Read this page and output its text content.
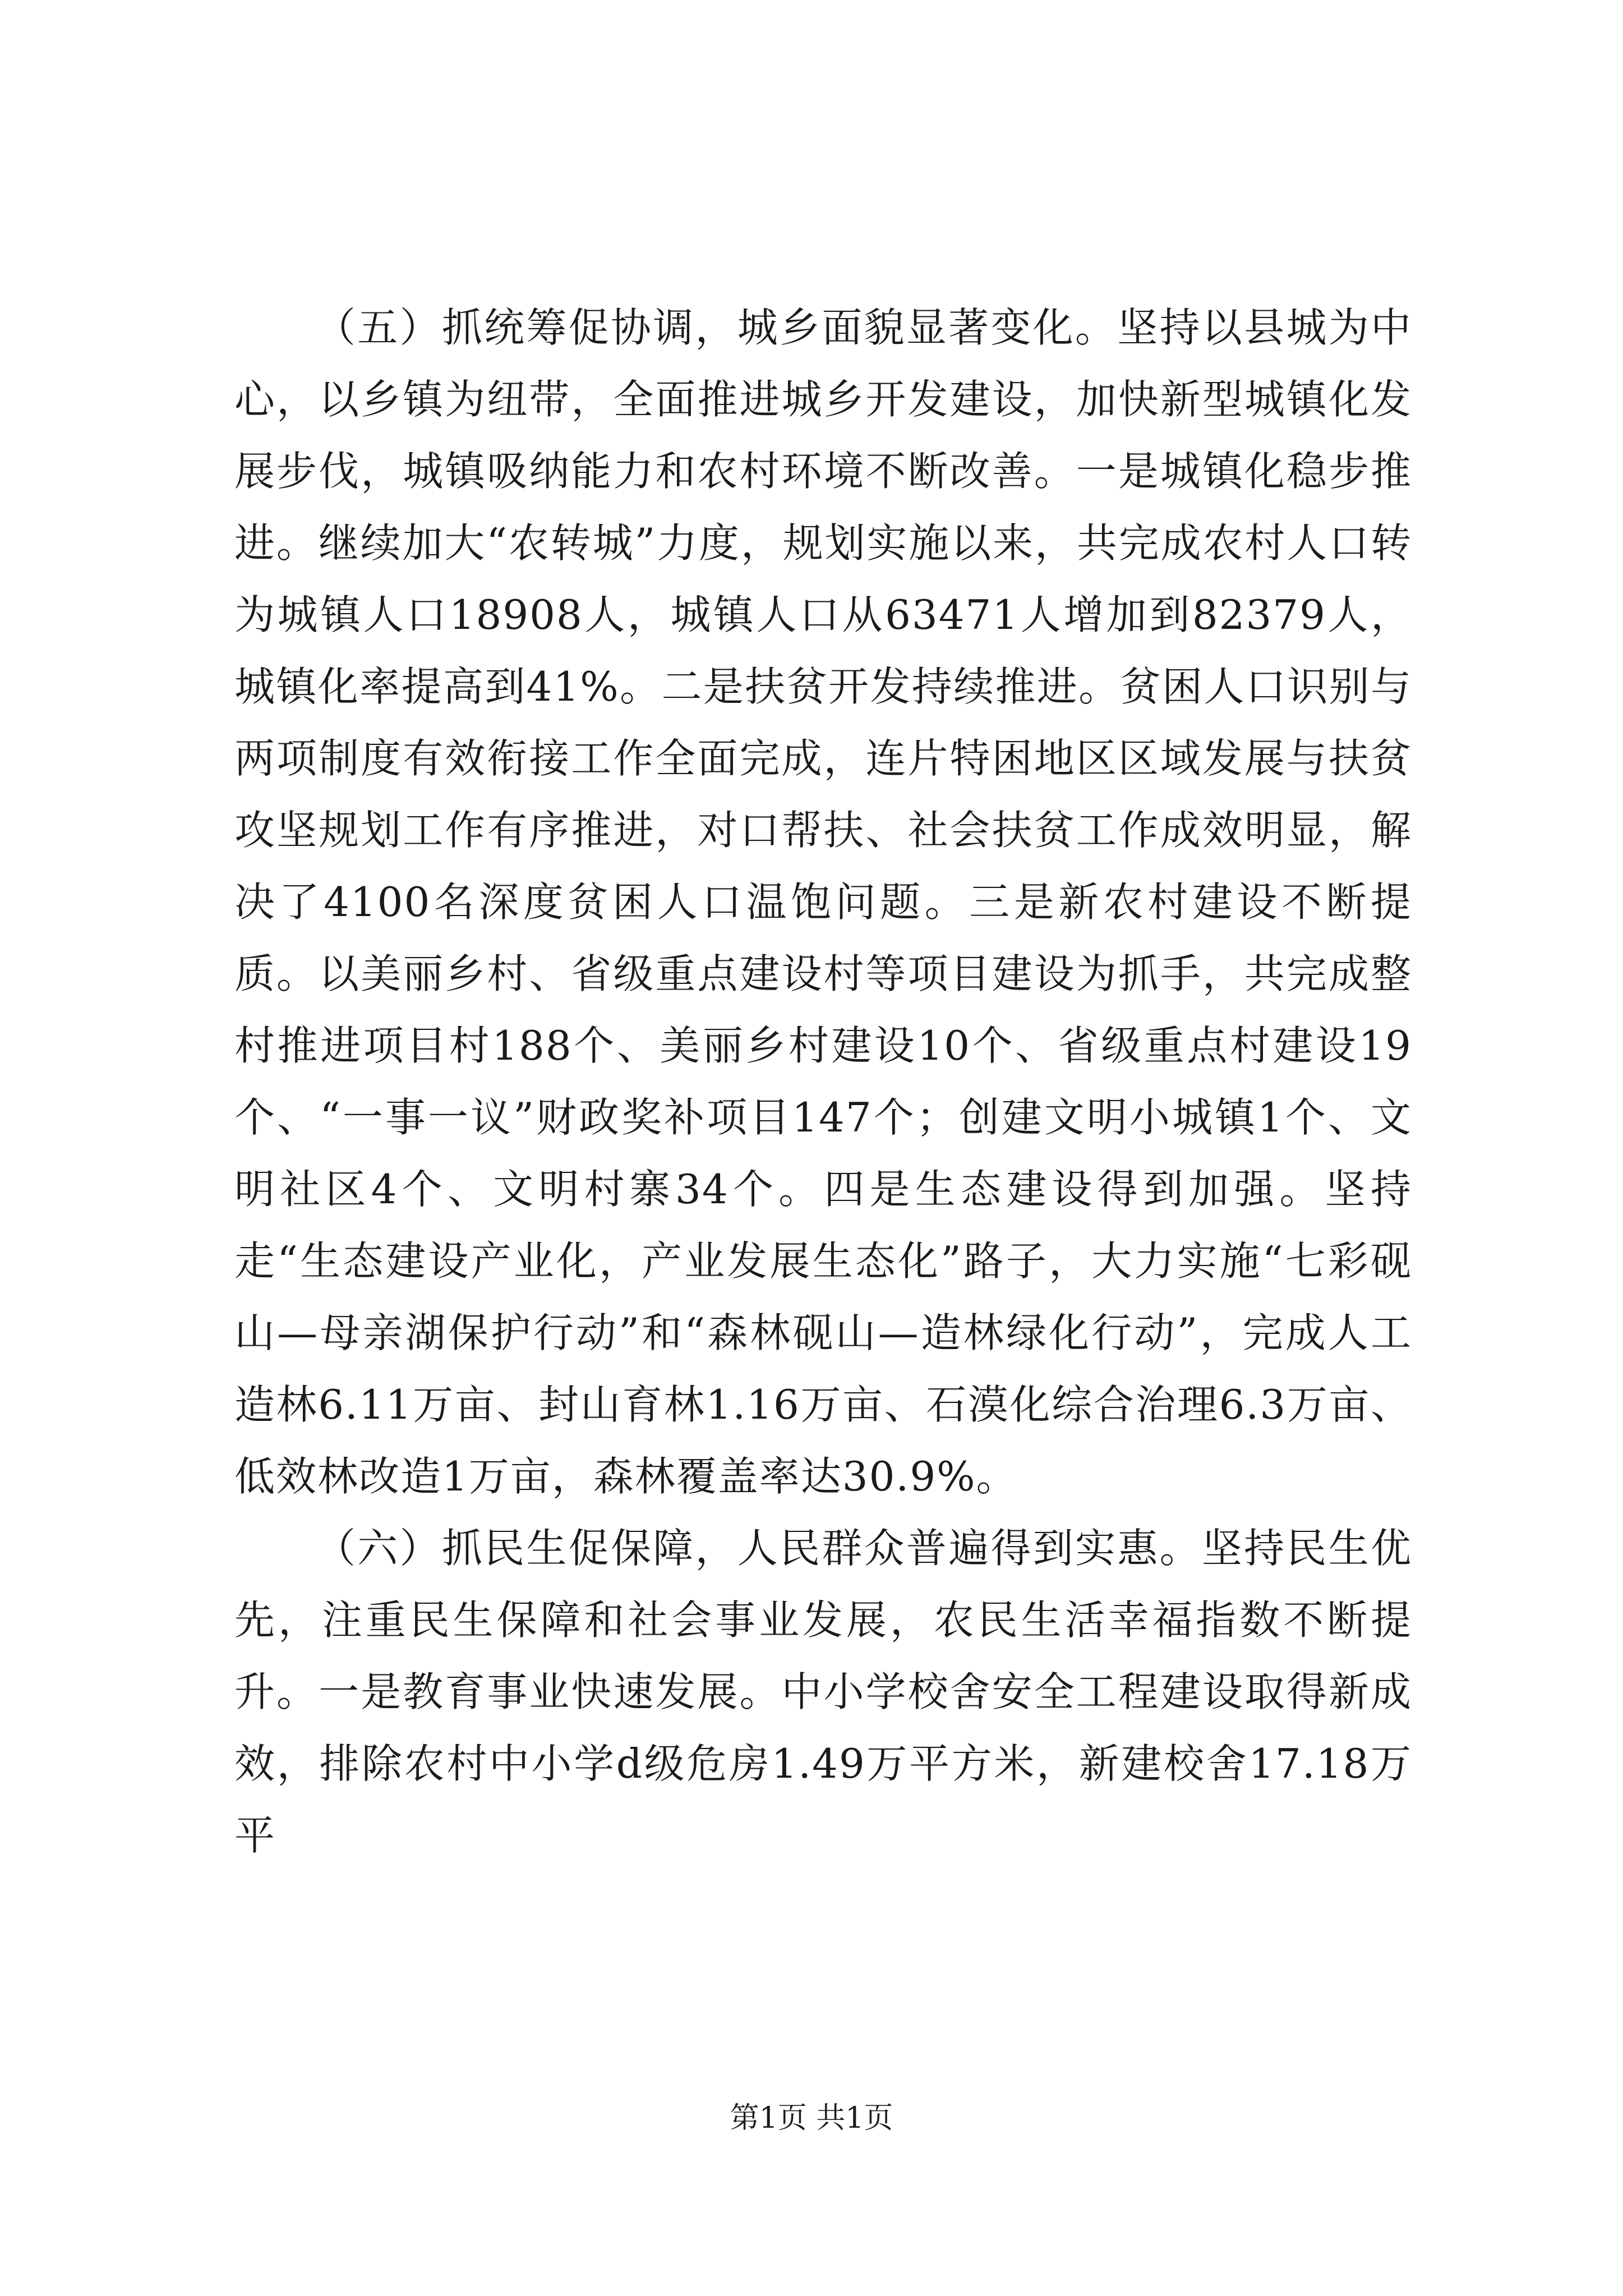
（五）抓统筹促协调，城乡面貌显著变化。坚持以县城为中心，以乡镇为纽带，全面推进城乡开发建设，加快新型城镇化发展步伐，城镇吸纳能力和农村环境不断改善。一是城镇化稳步推进。继续加大“农转城”力度，规划实施以来，共完成农村人口转为城镇人口18908人，城镇人口从63471人增加到82379人，城镇化率提高到41%。二是扶贫开发持续推进。贫困人口识别与两项制度有效衔接工作全面完成，连片特困地区区域发展与扶贫攻坚规划工作有序推进，对口帮扶、社会扶贫工作成效明显，解决了4100名深度贫困人口温饱问题。三是新农村建设不断提质。以美丽乡村、省级重点建设村等项目建设为抓手，共完成整村推进项目村188个、美丽乡村建设10个、省级重点村建设19个、“一事一议”财政奖补项目147个；创建文明小城镇1个、文明社区4个、文明村寨34个。四是生态建设得到加强。坚持走“生态建设产业化，产业发展生态化”路子，大力实施“七彩砚山—母亲湖保护行动”和“森林砚山—造林绿化行动”，完成人工造林6.11万亩、封山育林1.16万亩、石漠化综合治理6.3万亩、低效林改造1万亩，森林覆盖率达30.9%。

（六）抓民生促保障，人民群众普遍得到实惠。坚持民生优先，注重民生保障和社会事业发展，农民生活幸福指数不断提升。一是教育事业快速发展。中小学校舍安全工程建设取得新成效，排除农村中小学d级危房1.49万平方米，新建校舍17.18万平

第1页 共1页
